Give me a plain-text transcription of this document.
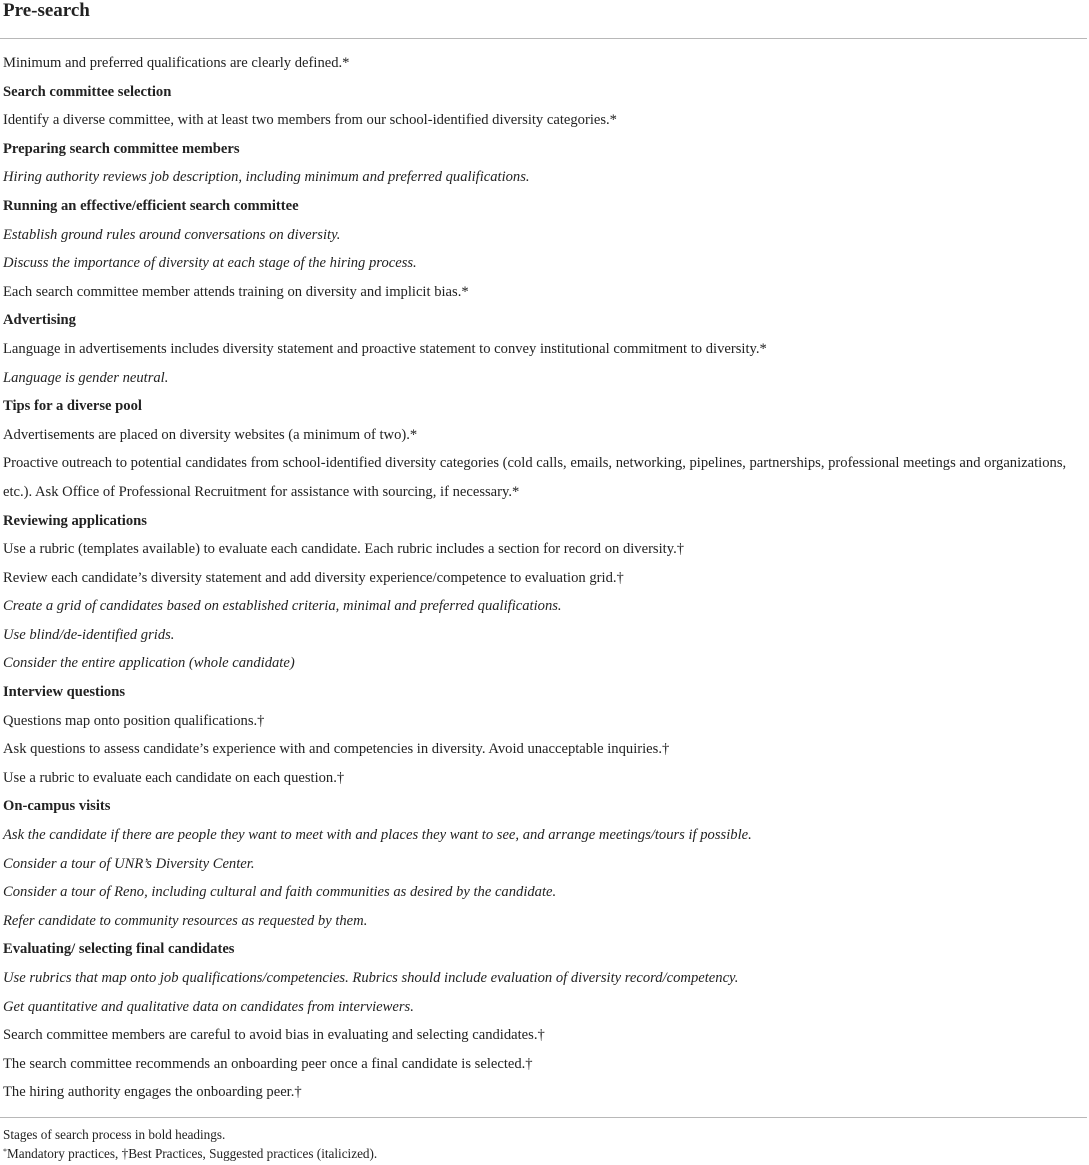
Pre-search

Minimum and preferred qualifications are clearly defined.*

Search committee selection

Identify a diverse committee, with at least two members from our school-identified diversity categories.*

Preparing search committee members

Hiring authority reviews job description, including minimum and preferred qualifications.

Running an effective/efficient search committee

Establish ground rules around conversations on diversity.

Discuss the importance of diversity at each stage of the hiring process.

Each search committee member attends training on diversity and implicit bias.*

Advertising

Language in advertisements includes diversity statement and proactive statement to convey institutional commitment to diversity.*

Language is gender neutral.

Tips for a diverse pool

Advertisements are placed on diversity websites (a minimum of two).*

Proactive outreach to potential candidates from school-identified diversity categories (cold calls, emails, networking, pipelines, partnerships, professional meetings and organizations, etc.). Ask Office of Professional Recruitment for assistance with sourcing, if necessary.*

Reviewing applications

Use a rubric (templates available) to evaluate each candidate. Each rubric includes a section for record on diversity.†

Review each candidate’s diversity statement and add diversity experience/competence to evaluation grid.†

Create a grid of candidates based on established criteria, minimal and preferred qualifications.

Use blind/de-identified grids.

Consider the entire application (whole candidate)

Interview questions

Questions map onto position qualifications.†

Ask questions to assess candidate’s experience with and competencies in diversity. Avoid unacceptable inquiries.†

Use a rubric to evaluate each candidate on each question.†

On-campus visits

Ask the candidate if there are people they want to meet with and places they want to see, and arrange meetings/tours if possible.

Consider a tour of UNR’s Diversity Center.

Consider a tour of Reno, including cultural and faith communities as desired by the candidate.

Refer candidate to community resources as requested by them.

Evaluating/ selecting final candidates

Use rubrics that map onto job qualifications/competencies. Rubrics should include evaluation of diversity record/competency.

Get quantitative and qualitative data on candidates from interviewers.

Search committee members are careful to avoid bias in evaluating and selecting candidates.†

The search committee recommends an onboarding peer once a final candidate is selected.†

The hiring authority engages the onboarding peer.†

Stages of search process in bold headings.

*Mandatory practices, †Best Practices, Suggested practices (italicized).
